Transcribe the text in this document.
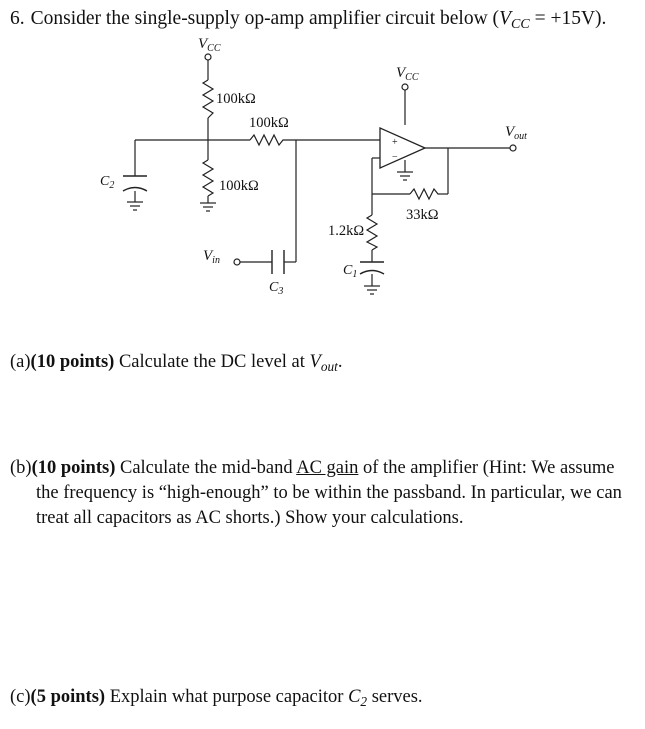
6. Consider the single-supply op-amp amplifier circuit below $(V_{CC} = +15V)$.
+
−
$V_{CC}$
$V_{CC}$
100kΩ
100kΩ
100kΩ
33kΩ
1.2kΩ
$V_{out}$
$C_2$
$C_1$
$C_3$
$V_{in}$
(a)(10 points) Calculate the DC level at $V_{out}$.
(b)(10 points) Calculate the mid-band AC gain of the amplifier (Hint: We assume the frequency is “high-enough” to be within the passband. In particular, we can treat all capacitors as AC shorts.) Show your calculations.
(c)(5 points) Explain what purpose capacitor $C_2$ serves.
